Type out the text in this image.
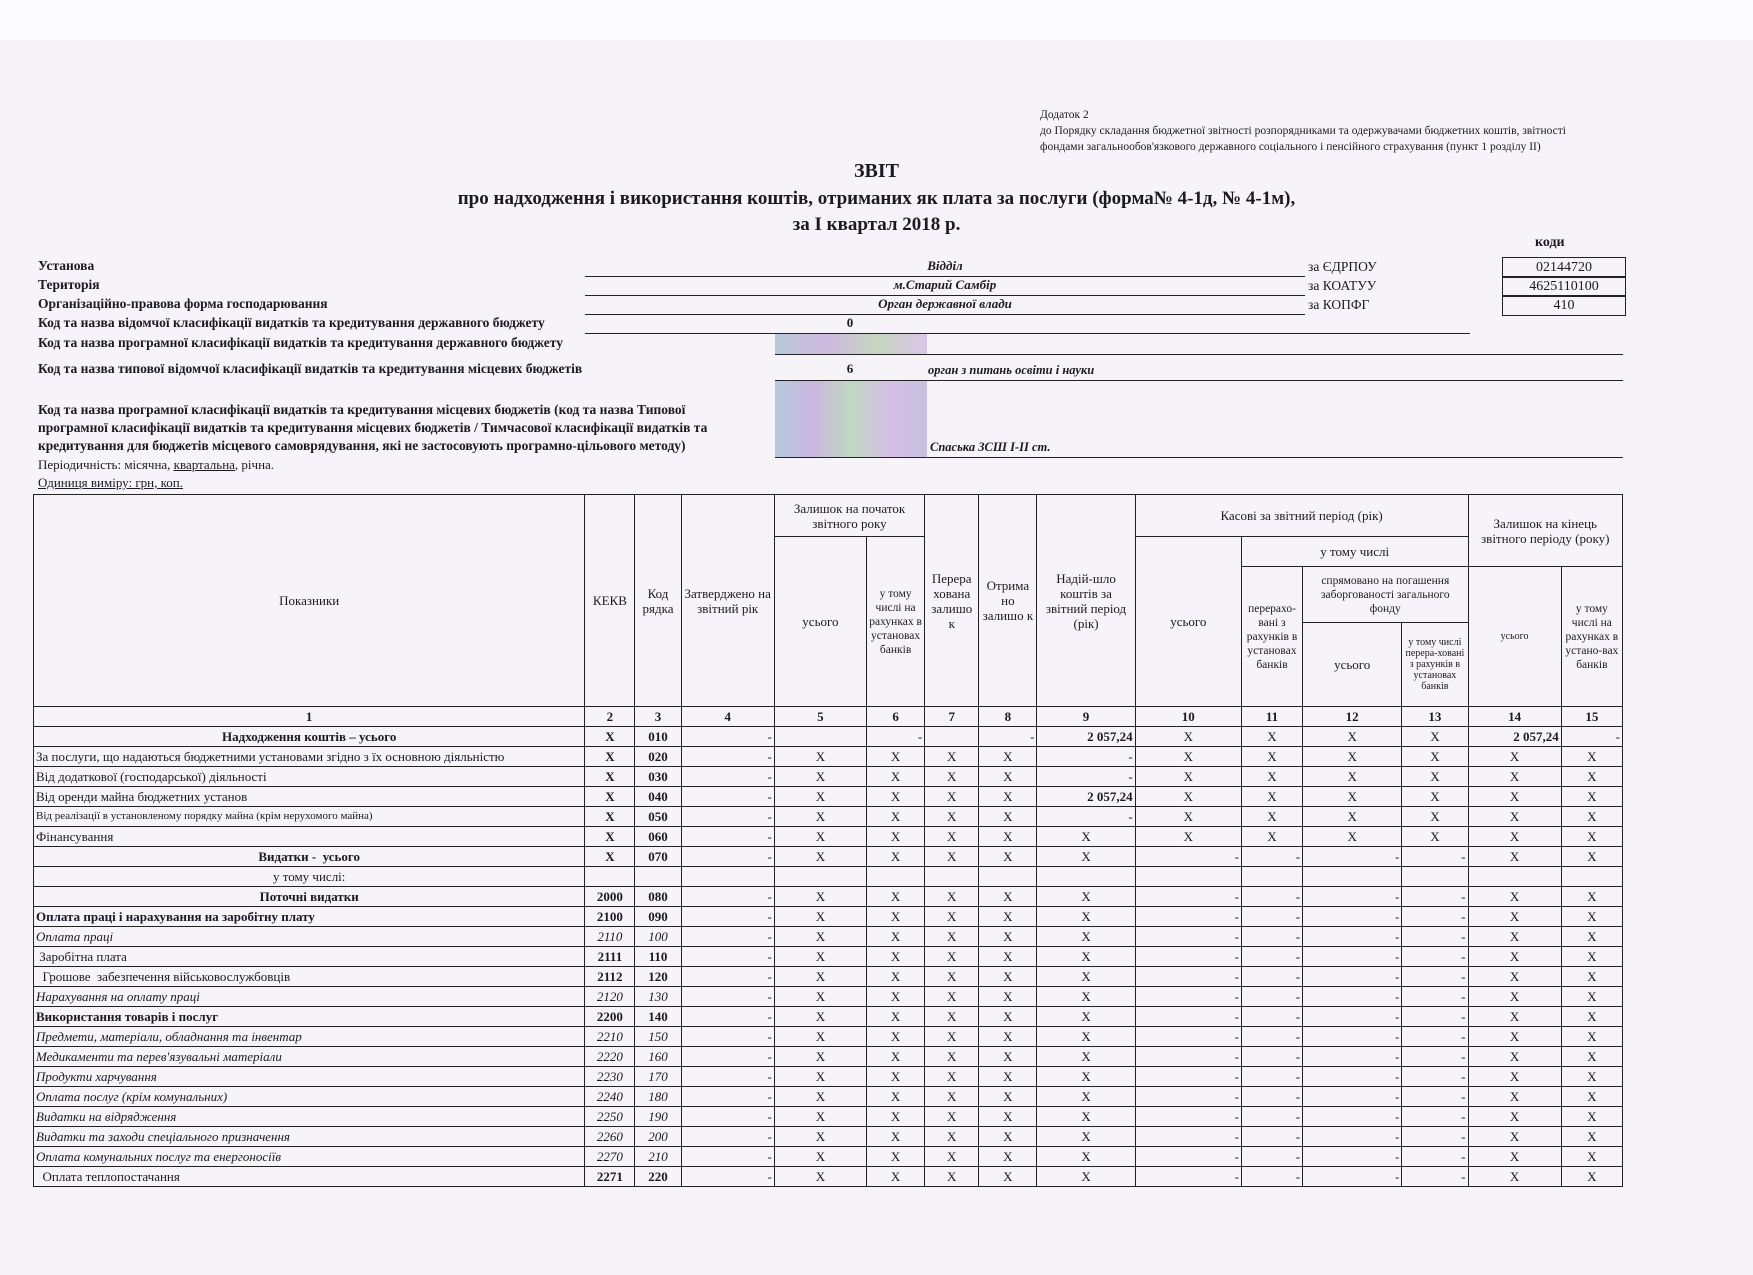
Додаток 2
до Порядку складання бюджетної звітності розпорядниками та одержувачами бюджетних коштів, звітності
фондами загальнообов'язкового державного соціального і пенсійного страхування (пункт 1 розділу ІІ)
ЗВІТ
про надходження і використання коштів, отриманих як плата за послуги (форма№ 4-1д, № 4-1м),
за І квартал 2018 р.
коди
Установа	Відділ	за ЄДРПОУ	02144720
Територія	м.Старий Самбір	за КОАТУУ	4625110100
Організаційно-правова форма господарювання	Орган державної влади	за КОПФГ	410
Код та назва відомчої класифікації видатків та кредитування державного бюджету	0
Код та назва програмної класифікації видатків та кредитування державного бюджету
Код та назва типової відомчої класифікації видатків та кредитування місцевих бюджетів	6	орган з питань освіти і науки
Код та назва програмної класифікації видатків та кредитування місцевих бюджетів (код та назва Типової
програмної класифікації видатків та кредитування місцевих бюджетів / Тимчасової класифікації видатків та
кредитування для бюджетів місцевого самоврядування, які не застосовують програмно-цільового методу)	Спаська ЗСШ І-ІІ ст.
Періодичність: місячна, квартальна, річна.
Одиниця виміру: грн, коп.
Показники	КЕКВ	Код рядка	Затверджено на звітний рік	Залишок на початок звітного року		Перера хована залишо к	Отрима но залишо к	Надій-шло коштів за звітний період (рік)	Касові за звітний період (рік)				Залишок на кінець звітного періоду (року)	
				усього	у тому числі на рахунках в установах банків				усього	у тому числі				
										перерахо-вані з рахунків в установах банків	спрямовано на погашення заборгованості загального фонду		усього	у тому числі на рахунках в устано-вах банків
											усього	у тому числі перера-ховані з рахунків в установах банків		
1	2	3	4	5	6	7	8	9	10	11	12	13	14	15
Надходження коштів – усього	X	010	-		-		-	2 057,24	X	X	X	X	2 057,24	-
За послуги, що надаються бюджетними установами згідно з їх основною діяльністю	X	020	-	X	X	X	X	-	X	X	X	X	X	X
Від додаткової (господарської) діяльності	X	030	-	X	X	X	X	-	X	X	X	X	X	X
Від оренди майна бюджетних установ	X	040	-	X	X	X	X	2 057,24	X	X	X	X	X	X
Від реалізації в установленому порядку майна (крім нерухомого майна)	X	050	-	X	X	X	X	-	X	X	X	X	X	X
Фінансування	X	060	-	X	X	X	X	X	X	X	X	X	X	X
Видатки -  усього	X	070	-	X	X	X	X	X	-	-	-	-	X	X
у тому числі:														
Поточні видатки	2000	080	-	X	X	X	X	X	-	-	-	-	X	X
Оплата праці і нарахування на заробітну плату	2100	090	-	X	X	X	X	X	-	-	-	-	X	X
Оплата праці	2110	100	-	X	X	X	X	X	-	-	-	-	X	X
Заробітна плата	2111	110	-	X	X	X	X	X	-	-	-	-	X	X
Грошове  забезпечення військовослужбовців	2112	120	-	X	X	X	X	X	-	-	-	-	X	X
Нарахування на оплату праці	2120	130	-	X	X	X	X	X	-	-	-	-	X	X
Використання товарів і послуг	2200	140	-	X	X	X	X	X	-	-	-	-	X	X
Предмети, матеріали, обладнання та інвентар	2210	150	-	X	X	X	X	X	-	-	-	-	X	X
Медикаменти та перев'язувальні матеріали	2220	160	-	X	X	X	X	X	-	-	-	-	X	X
Продукти харчування	2230	170	-	X	X	X	X	X	-	-	-	-	X	X
Оплата послуг (крім комунальних)	2240	180	-	X	X	X	X	X	-	-	-	-	X	X
Видатки на відрядження	2250	190	-	X	X	X	X	X	-	-	-	-	X	X
Видатки та заходи спеціального призначення	2260	200	-	X	X	X	X	X	-	-	-	-	X	X
Оплата комунальних послуг та енергоносіїв	2270	210	-	X	X	X	X	X	-	-	-	-	X	X
Оплата теплопостачання	2271	220	-	X	X	X	X	X	-	-	-	-	X	X
